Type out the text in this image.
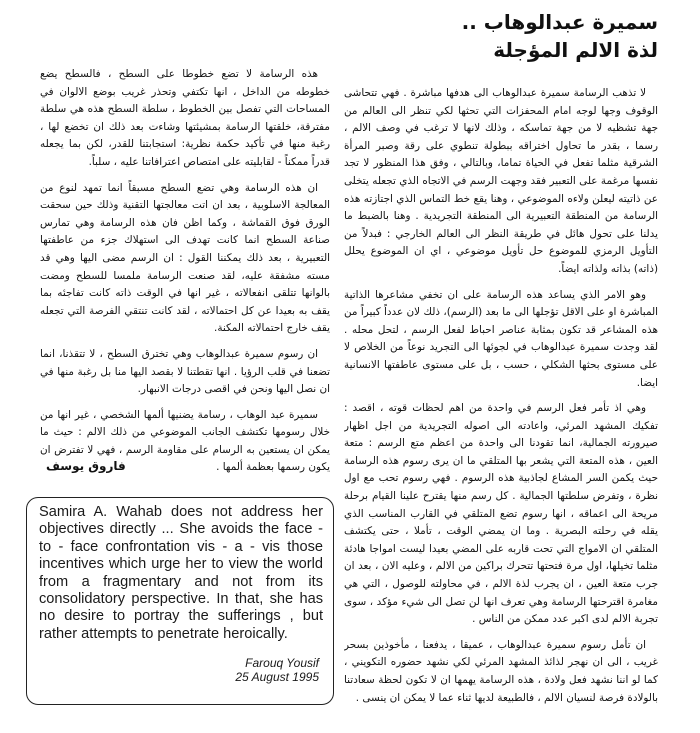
سميرة عبدالوهاب ..
لذة الالم المؤجلة

لا تذهب الرسامة سميرة عبدالوهاب الى هدفها مباشرة . فهي تتحاشى الوقوف وجها لوجه امام المحفزات التي تحثها لكي تنظر الى العالم من جهة تشظيه لا من جهة تماسكه ، وذلك لانها لا ترغب في وصف الالم ، رسما ، بقدر ما تحاول اختراقه ببطولة تنطوي على رقة وصبر المرأة الشرقية مثلما تفعل في الحياة تماما، وبالتالي ، وفق هذا المنظور لا تجد نفسها مرغمة على التعبير فقد وجهت الرسم في الاتجاه الذي تجعله يتخلى عن ذاتيته ليعلن ولاءه الموضوعي ، وهنا يقع خط التماس الذي اجتازته هذه الرسامة من المنطقة التعبيرية الى المنطقة التجريدية . وهنا بالضبط ما يدلنا على تحول هائل في طريقة النظر الى العالم الخارجي : فبدلاً من التأويل الرمزي للموضوع حل تأويل موضوعي ، اي ان الموضوع يحلل (ذاته) بذاته ولذاته ايضاً.

وهو الامر الذي يساعد هذه الرسامة على ان تخفي مشاعرها الذاتية المباشرة او على الاقل تؤجلها الى ما بعد (الرسم)، ذلك لان عدداً كبيراً من هذه المشاعر قد تكون بمثابة عناصر احباط لفعل الرسم ، لتحل محله . لقد وجدت سميرة عبدالوهاب في لجوئها الى التجريد نوعاً من الخلاص لا على مستوى بحثها الشكلي ، حسب ، بل على مستوى عاطفتها الانسانية ايضا.

وهي اذ تأمر فعل الرسم في واحدة من اهم لحظات قوته ، اقصد : تفكيك المشهد المرئي، واعادته الى اصوله التجريدية من اجل اظهار صيرورته الجمالية، انما تقودنا الى واحدة من اعظم متع الرسم : متعة العين ، هذه المتعة التي يشعر بها المتلقي ما ان يرى رسوم هذه الرسامة حيث يكمن السر المشاع لجاذبية هذه الرسوم . فهي رسوم تحب مع اول نظرة ، وتفرض سلطتها الجمالية . كل رسم منها يقترح علينا القيام برحلة مريحة الى اعماقه ، انها رسوم تضع المتلقي في القارب المناسب الذي يقله في رحلته البصرية . وما ان يمضي الوقت ، تأملا ، حتى يكتشف المتلقي ان الامواج التي تحت قاربه على المضي بعيدا ليست امواجا هادئة مثلما تخيلها، اول مرة فتحتها تتحرك براكين من الالم ، وعليه الان ، بعد ان جرب متعة العين ، ان يجرب لذة الالم ، في محاولته للوصول ، التي هي مغامرة اقترحتها الرسامة وهي تعرف انها لن تصل الى شيء مؤكد ، سوى تجربة الالم لدى اكبر عدد ممكن من الناس .

ان تأمل رسوم سميرة عبدالوهاب ، عميقا ، يدفعنا ، مأخوذين بسحر غريب ، الى ان نهجر لذائذ المشهد المرئي لكي نشهد حضوره التكويني ، كما لو اننا نشهد فعل ولادة ، هذه الرسامة يهمها ان لا تكون لحظة سعادتنا بالولادة فرصة لنسيان الالم ، فالطبيعة لديها ثناء عما لا يمكن ان ينسى .

هذه الرسامة لا تضع خطوطا على السطح ، فالسطح يضع خطوطه من الداخل ، انها تكتفي وتحذر غريب بوضع الالوان في المساحات التي تفصل بين الخطوط ، سلطة السطح هذه هي سلطة مفترقة، خلقتها الرسامة بمشيئتها وشاءت بعد ذلك ان تخضع لها ، رغبة منها في تأكيد حكمة نظرية: استجابتنا للقدر، لكن بما يجعله قدراً ممكناً - لقابليته على امتصاص اعترافاتنا عليه ، سلباً.

ان هذه الرسامة وهي تضع السطح مسبقاً انما تمهد لنوع من المعالجة الاسلوبية ، بعد ان اتت معالجتها التقنية وذلك حين سحقت الورق فوق القماشة ، وكما اظن فان هذه الرسامة وهي تمارس صناعة السطح انما كانت تهدف الى استهلاك جزء من عاطفتها التعبيرية ، بعد ذلك يمكننا القول : ان الرسم مضى اليها وهي قد مسته مشفقة عليه، لقد صنعت الرسامة ملمسا للسطح ومضت بالوانها تتلقى انفعالاته ، غير انها في الوقت ذاته كانت تفاجئه بما يقف به بعيدا عن كل احتمالاته ، لقد كانت تنتقي الفرصة التي تجعله يقف خارج احتمالاته المكنة.

ان رسوم سميرة عبدالوهاب وهي تخترق السطح ، لا تتقذنا، انما تضعنا في قلب الرؤيا . انها تقطتنا لا بقصد اليها منا بل رغبة منها في ان نصل اليها ونحن في اقصى درجات الانبهار.

سميرة عبد الوهاب ، رسامة يضنيها ألمها الشخصي ، غير انها من خلال رسومها تكتشف الجانب الموضوعي من ذلك الالم : حيث ما يمكن ان يستعين به الرسام على مقاومة الرسم ، فهي لا تفترض ان يكون رسمها بعظمة ألمها .

فاروق يوسف

Samira A. Wahab does not address her objectives directly ... She avoids the face - to - face confrontation vis - a - vis those incentives which urge her to view the world from a fragmentary and not from its consolidatory perspective. In that, she has no desire to portray the sufferings , but rather attempts to penetrate heroically.

Farouq Yousif
25 August 1995
